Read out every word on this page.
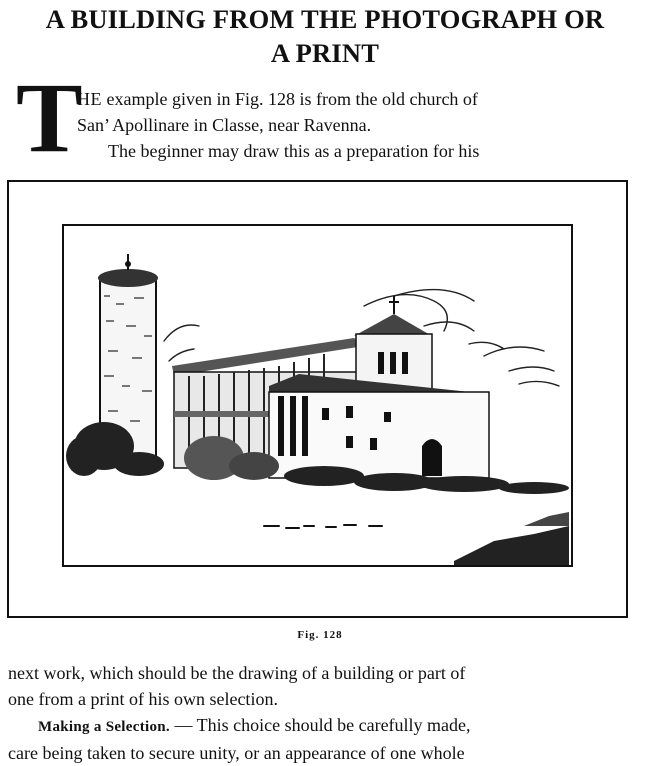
A BUILDING FROM THE PHOTOGRAPH OR
A PRINT
T
HE example given in Fig. 128 is from the old church of
San’ Apollinare in Classe, near Ravenna.
The beginner may draw this as a preparation for his
Fig. 128
next work, which should be the drawing of a building or part of
one from a print of his own selection.
Making a Selection. — This choice should be carefully made,
care being taken to secure unity, or an appearance of one whole
